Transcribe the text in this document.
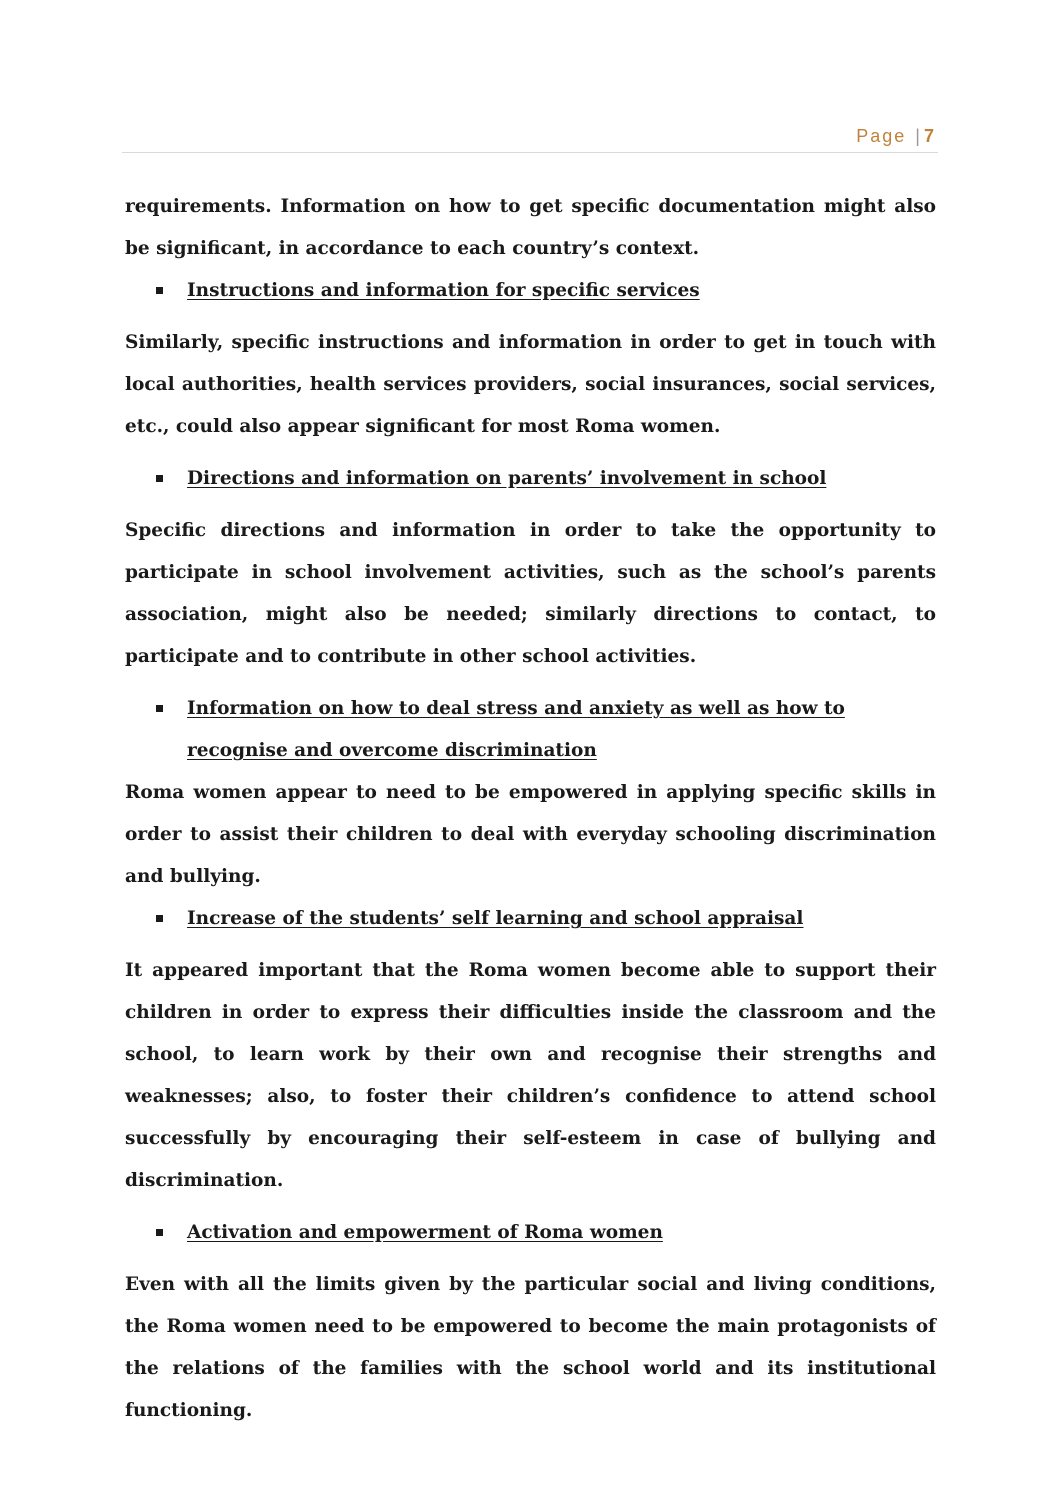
Page | 7

requirements. Information on how to get specific documentation might also be significant, in accordance to each country’s context.

Instructions and information for specific services

Similarly, specific instructions and information in order to get in touch with local authorities, health services providers, social insurances, social services, etc., could also appear significant for most Roma women.

Directions and information on parents’ involvement in school

Specific directions and information in order to take the opportunity to participate in school involvement activities, such as the school’s parents association, might also be needed; similarly directions to contact, to participate and to contribute in other school activities.

Information on how to deal stress and anxiety as well as how to recognise and overcome discrimination

Roma women appear to need to be empowered in applying specific skills in order to assist their children to deal with everyday schooling discrimination and bullying.

Increase of the students’ self learning and school appraisal

It appeared important that the Roma women become able to support their children in order to express their difficulties inside the classroom and the school, to learn work by their own and recognise their strengths and weaknesses; also, to foster their children’s confidence to attend school successfully by encouraging their self-esteem in case of bullying and discrimination.

Activation and empowerment of Roma women

Even with all the limits given by the particular social and living conditions, the Roma women need to be empowered to become the main protagonists of the relations of the families with the school world and its institutional functioning.
